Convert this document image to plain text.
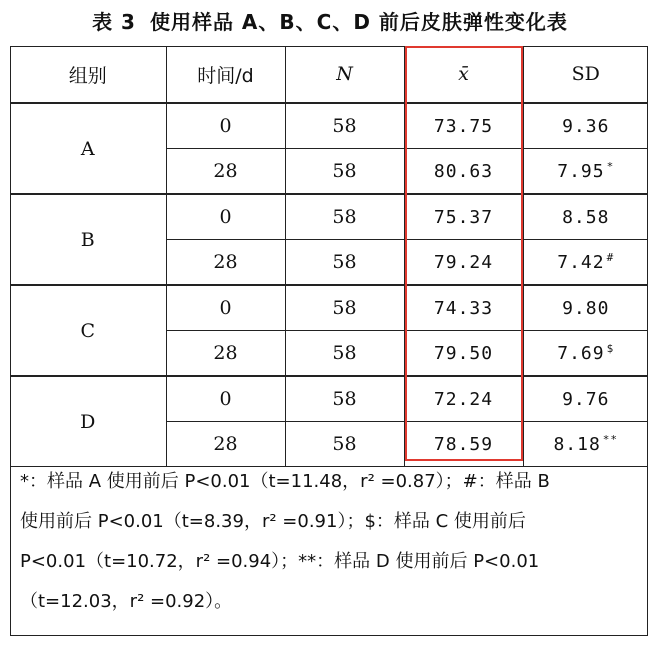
表 3 使用样品 A、B、C、D 前后皮肤弹性变化表
组别	时间/d	N	x̄	SD
A	0	58	73.75	9.36
	28	58	80.63	7.95 *
B	0	58	75.37	8.58
	28	58	79.24	7.42 #
C	0	58	74.33	9.80
	28	58	79.50	7.69 $
D	0	58	72.24	9.76
	28	58	78.59	8.18 **
*：样品 A 使用前后 P<0.01（t=11.48，r² =0.87）；#：样品 B
使用前后 P<0.01（t=8.39，r² =0.91）；$：样品 C 使用前后
P<0.01（t=10.72，r² =0.94）；**：样品 D 使用前后 P<0.01
（t=12.03，r² =0.92）。
